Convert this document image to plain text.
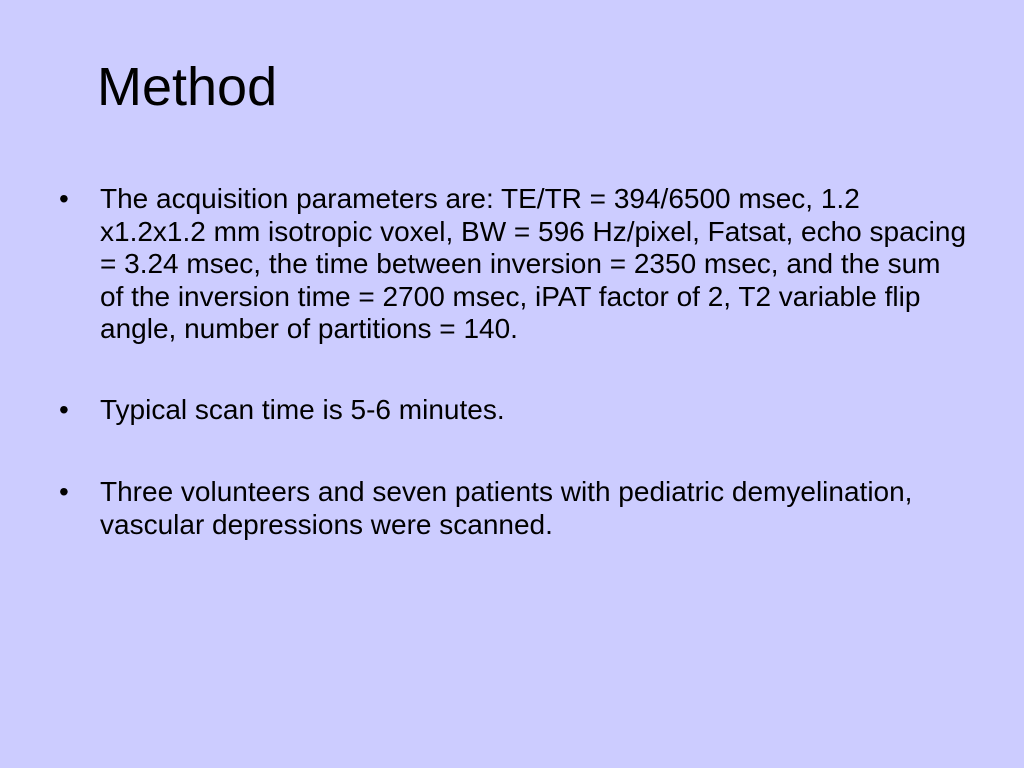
Method
•	The acquisition parameters are: TE/TR = 394/6500 msec, 1.2 x1.2x1.2 mm isotropic voxel, BW = 596 Hz/pixel, Fatsat, echo spacing = 3.24 msec, the time between inversion = 2350 msec, and the sum of the inversion time = 2700 msec, iPAT factor of 2, T2 variable flip angle, number of partitions = 140.
•	Typical scan time is 5-6 minutes.
•	Three volunteers and seven patients with pediatric demyelination, vascular depressions were scanned.
